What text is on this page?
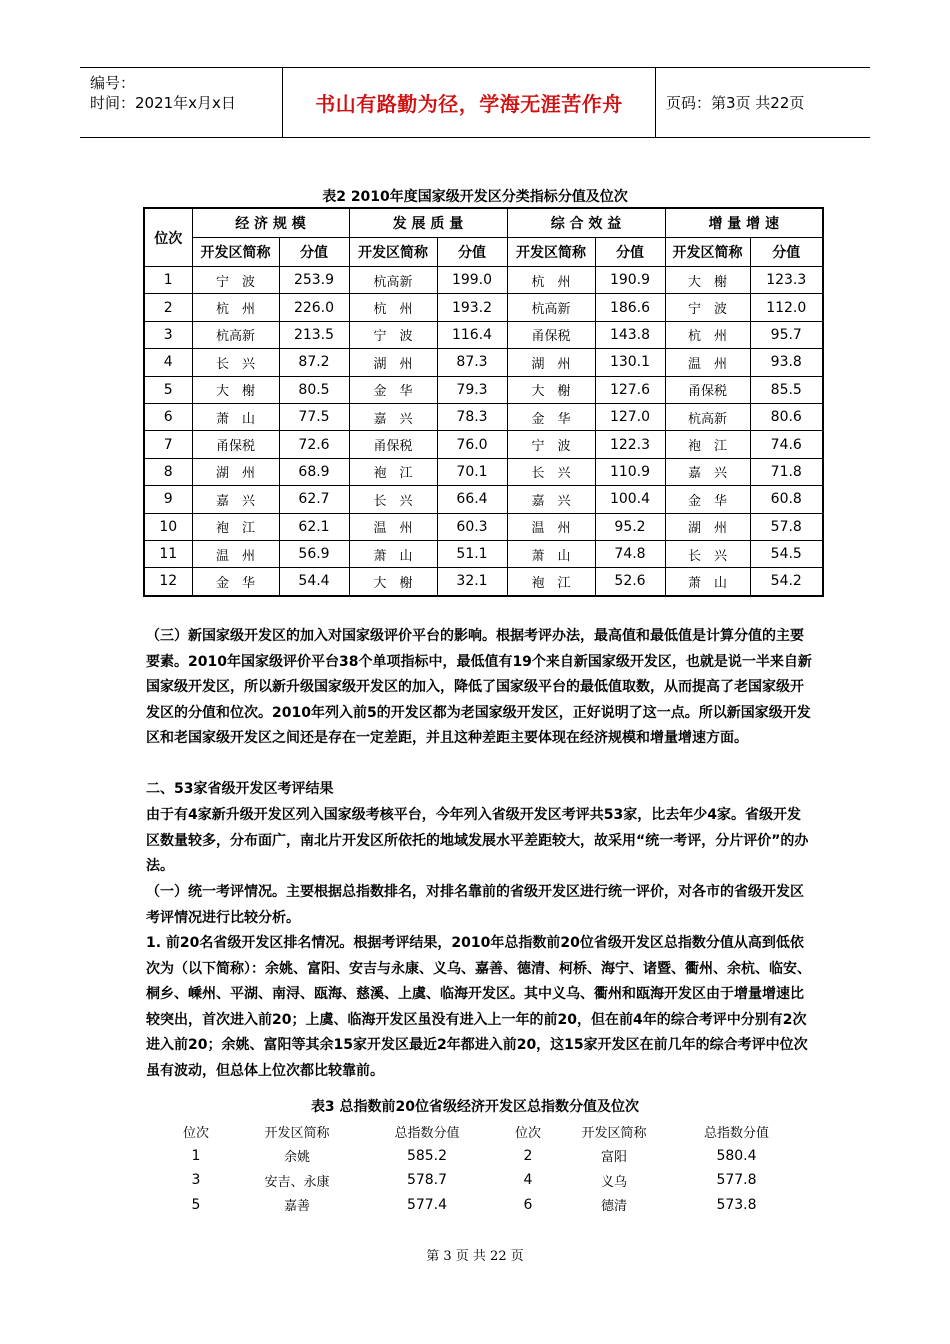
编号：
时间：2021年x月x日	书山有路勤为径，学海无涯苦作舟	页码：第3页 共22页
表2 2010年度国家级开发区分类指标分值及位次
位次	经 济 规 模		发 展 质 量		综 合 效 益		增 量 增 速	
	开发区简称	分值	开发区简称	分值	开发区简称	分值	开发区简称	分值
1	宁　波	253.9	杭高新	199.0	杭　州	190.9	大　榭	123.3
2	杭　州	226.0	杭　州	193.2	杭高新	186.6	宁　波	112.0
3	杭高新	213.5	宁　波	116.4	甬保税	143.8	杭　州	95.7
4	长　兴	87.2	湖　州	87.3	湖　州	130.1	温　州	93.8
5	大　榭	80.5	金　华	79.3	大　榭	127.6	甬保税	85.5
6	萧　山	77.5	嘉　兴	78.3	金　华	127.0	杭高新	80.6
7	甬保税	72.6	甬保税	76.0	宁　波	122.3	袍　江	74.6
8	湖　州	68.9	袍　江	70.1	长　兴	110.9	嘉　兴	71.8
9	嘉　兴	62.7	长　兴	66.4	嘉　兴	100.4	金　华	60.8
10	袍　江	62.1	温　州	60.3	温　州	95.2	湖　州	57.8
11	温　州	56.9	萧　山	51.1	萧　山	74.8	长　兴	54.5
12	金　华	54.4	大　榭	32.1	袍　江	52.6	萧　山	54.2
（三）新国家级开发区的加入对国家级评价平台的影响。根据考评办法，最高值和最低值是计算分值的主要要素。2010年国家级评价平台38个单项指标中，最低值有19个来自新国家级开发区，也就是说一半来自新国家级开发区，所以新升级国家级开发区的加入，降低了国家级平台的最低值取数，从而提高了老国家级开发区的分值和位次。2010年列入前5的开发区都为老国家级开发区，正好说明了这一点。所以新国家级开发区和老国家级开发区之间还是存在一定差距，并且这种差距主要体现在经济规模和增量增速方面。
二、53家省级开发区考评结果
由于有4家新升级开发区列入国家级考核平台，今年列入省级开发区考评共53家，比去年少4家。省级开发区数量较多，分布面广，南北片开发区所依托的地域发展水平差距较大，故采用“统一考评，分片评价”的办法。
（一）统一考评情况。主要根据总指数排名，对排名靠前的省级开发区进行统一评价，对各市的省级开发区考评情况进行比较分析。
1. 前20名省级开发区排名情况。根据考评结果，2010年总指数前20位省级开发区总指数分值从高到低依次为（以下简称）：余姚、富阳、安吉与永康、义乌、嘉善、德清、柯桥、海宁、诸暨、衢州、余杭、临安、桐乡、嵊州、平湖、南浔、瓯海、慈溪、上虞、临海开发区。其中义乌、衢州和瓯海开发区由于增量增速比较突出，首次进入前20；上虞、临海开发区虽没有进入上一年的前20，但在前4年的综合考评中分别有2次进入前20；余姚、富阳等其余15家开发区最近2年都进入前20，这15家开发区在前几年的综合考评中位次虽有波动，但总体上位次都比较靠前。
表3 总指数前20位省级经济开发区总指数分值及位次
位次	开发区简称	总指数分值	位次	开发区简称	总指数分值
1	余姚	585.2	2	富阳	580.4
3	安吉、永康	578.7	4	义乌	577.8
5	嘉善	577.4	6	德清	573.8
第 3 页 共 22 页
